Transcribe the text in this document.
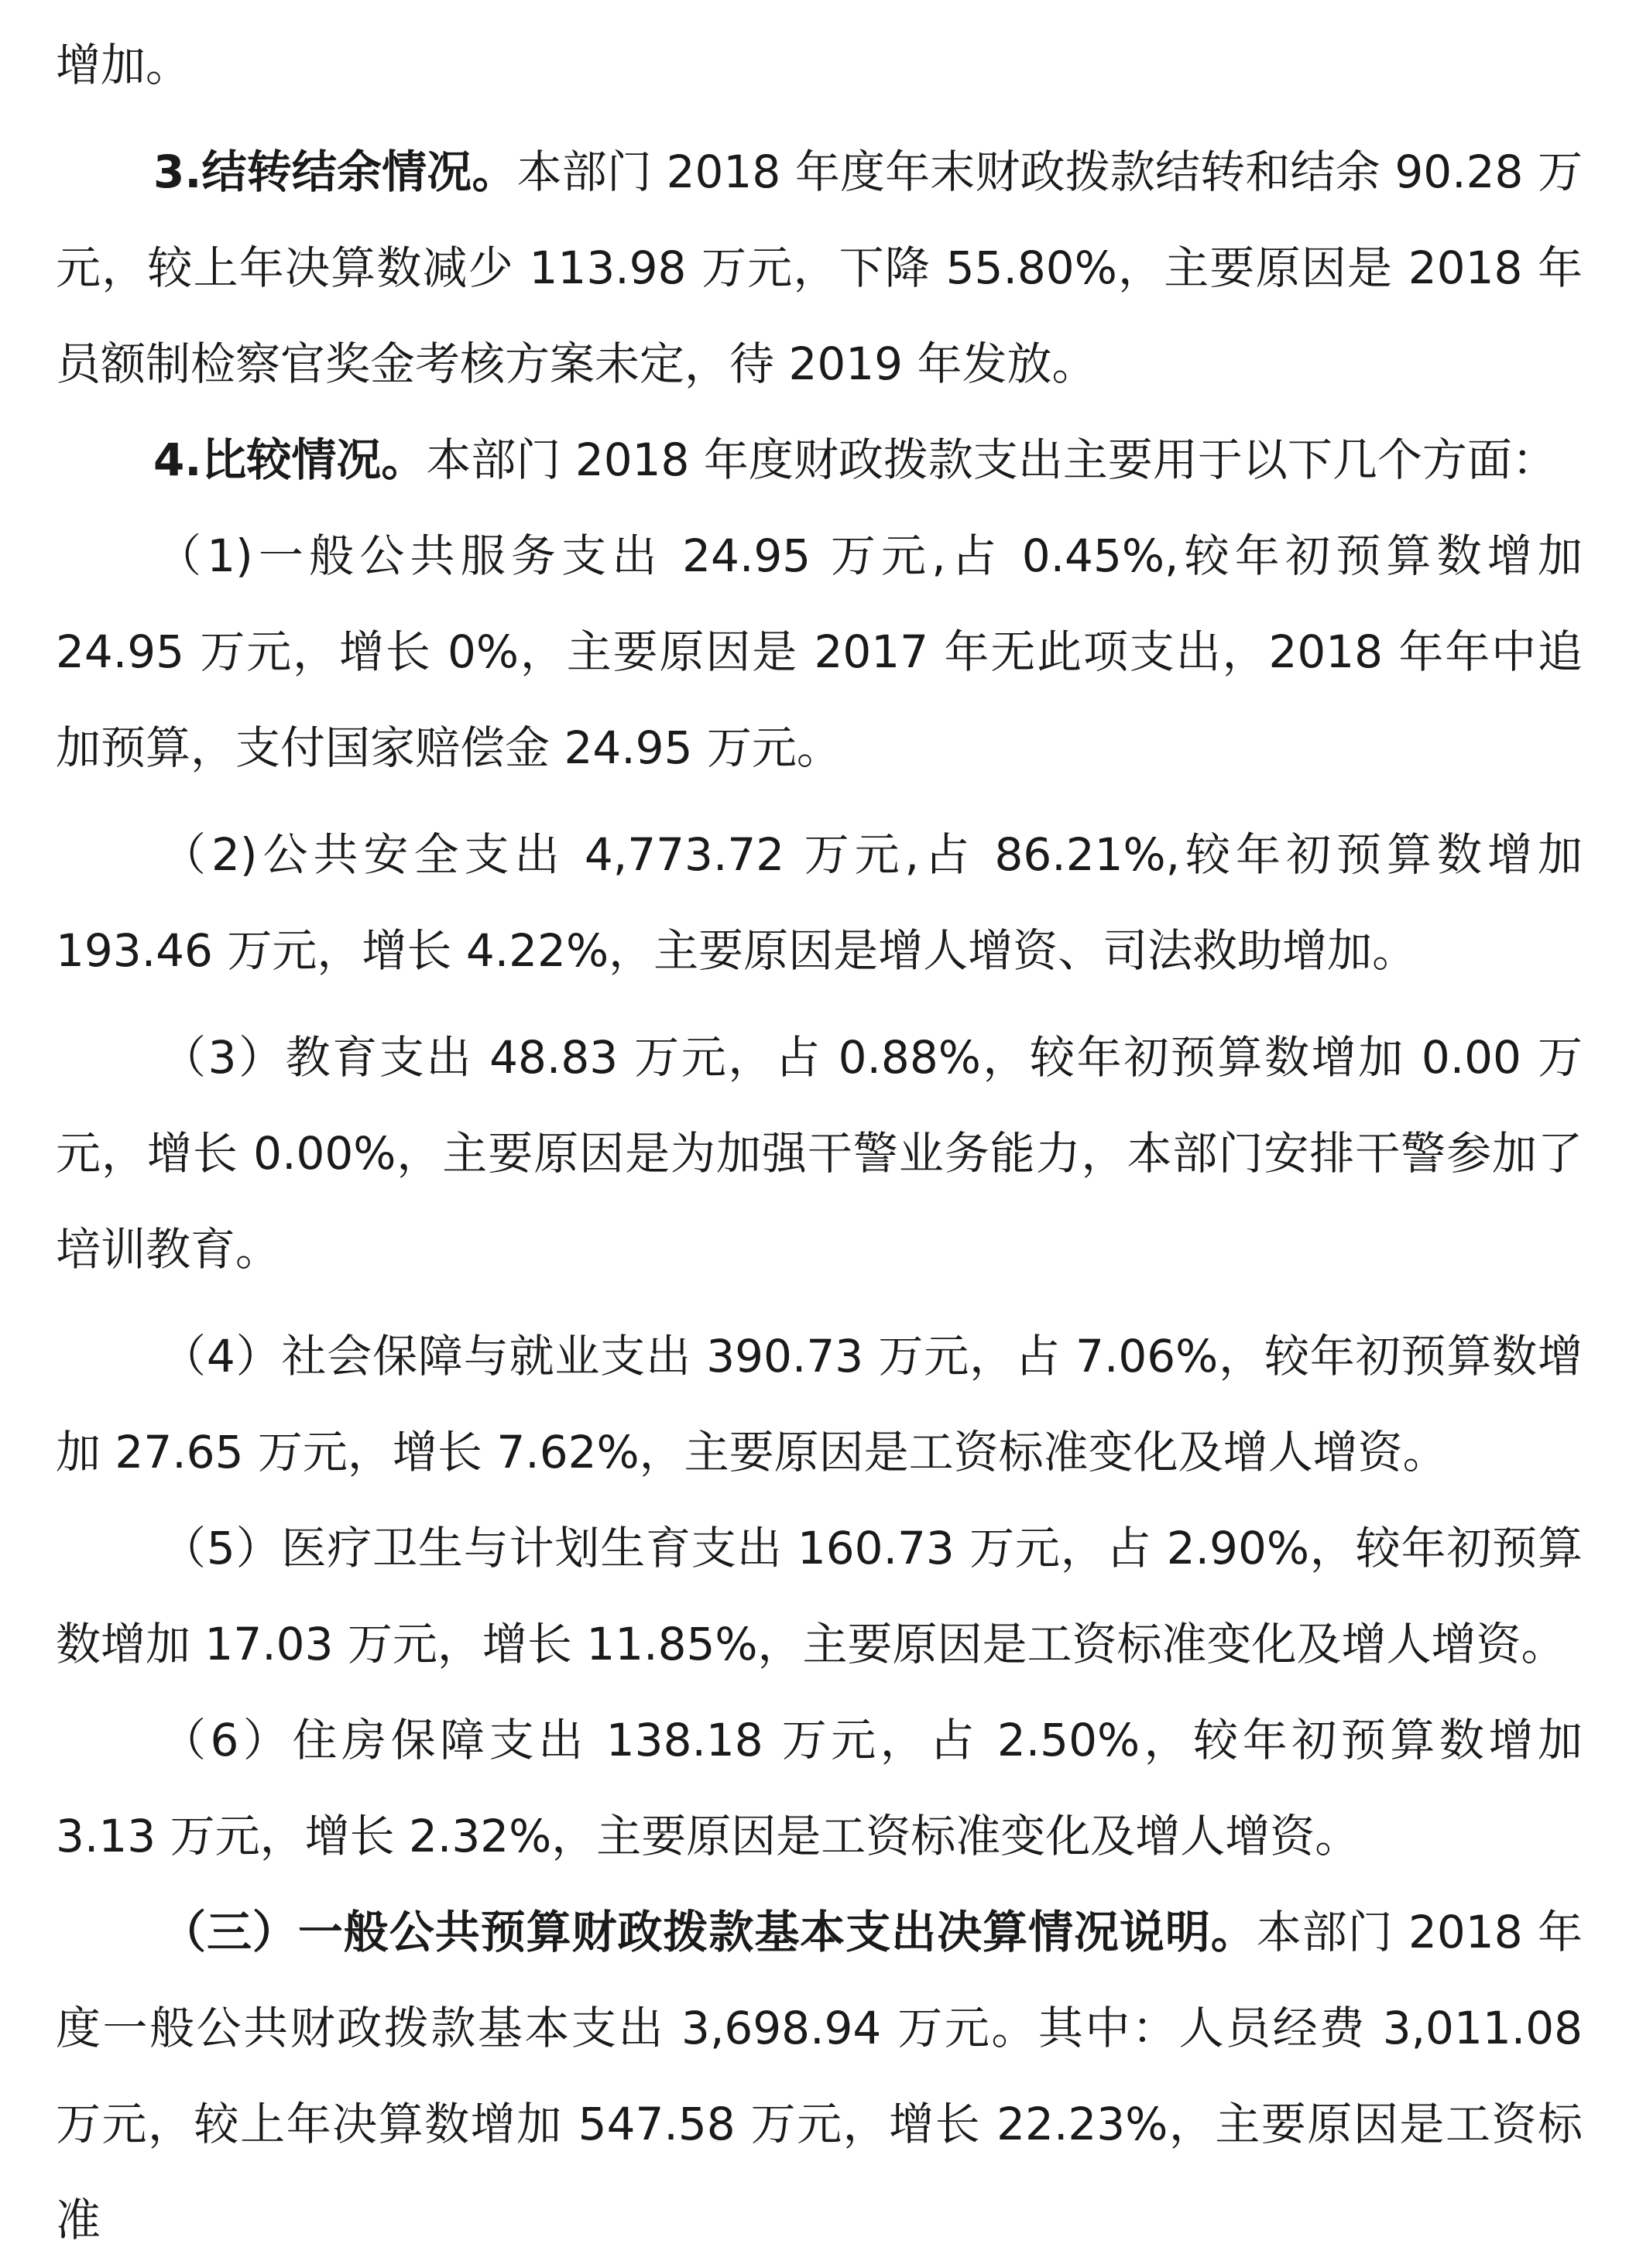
增加。

3.结转结余情况。本部门 2018 年度年末财政拨款结转和结余 90.28 万元，较上年决算数减少 113.98 万元，下降 55.80%，主要原因是 2018 年员额制检察官奖金考核方案未定，待 2019 年发放。

4.比较情况。本部门 2018 年度财政拨款支出主要用于以下几个方面：

（1)一般公共服务支出 24.95 万元,占 0.45%,较年初预算数增加 24.95 万元，增长 0%，主要原因是 2017 年无此项支出，2018 年年中追加预算，支付国家赔偿金 24.95 万元。

（2)公共安全支出 4,773.72 万元,占 86.21%,较年初预算数增加 193.46 万元，增长 4.22%，主要原因是增人增资、司法救助增加。

（3）教育支出 48.83 万元，占 0.88%，较年初预算数增加 0.00 万元，增长 0.00%，主要原因是为加强干警业务能力，本部门安排干警参加了培训教育。

（4）社会保障与就业支出 390.73 万元，占 7.06%，较年初预算数增加 27.65 万元，增长 7.62%，主要原因是工资标准变化及增人增资。

（5）医疗卫生与计划生育支出 160.73 万元，占 2.90%，较年初预算数增加 17.03 万元，增长 11.85%，主要原因是工资标准变化及增人增资。

（6）住房保障支出 138.18 万元，占 2.50%，较年初预算数增加 3.13 万元，增长 2.32%，主要原因是工资标准变化及增人增资。

（三）一般公共预算财政拨款基本支出决算情况说明。本部门 2018 年度一般公共财政拨款基本支出 3,698.94 万元。其中：人员经费 3,011.08 万元，较上年决算数增加 547.58 万元，增长 22.23%，主要原因是工资标准
